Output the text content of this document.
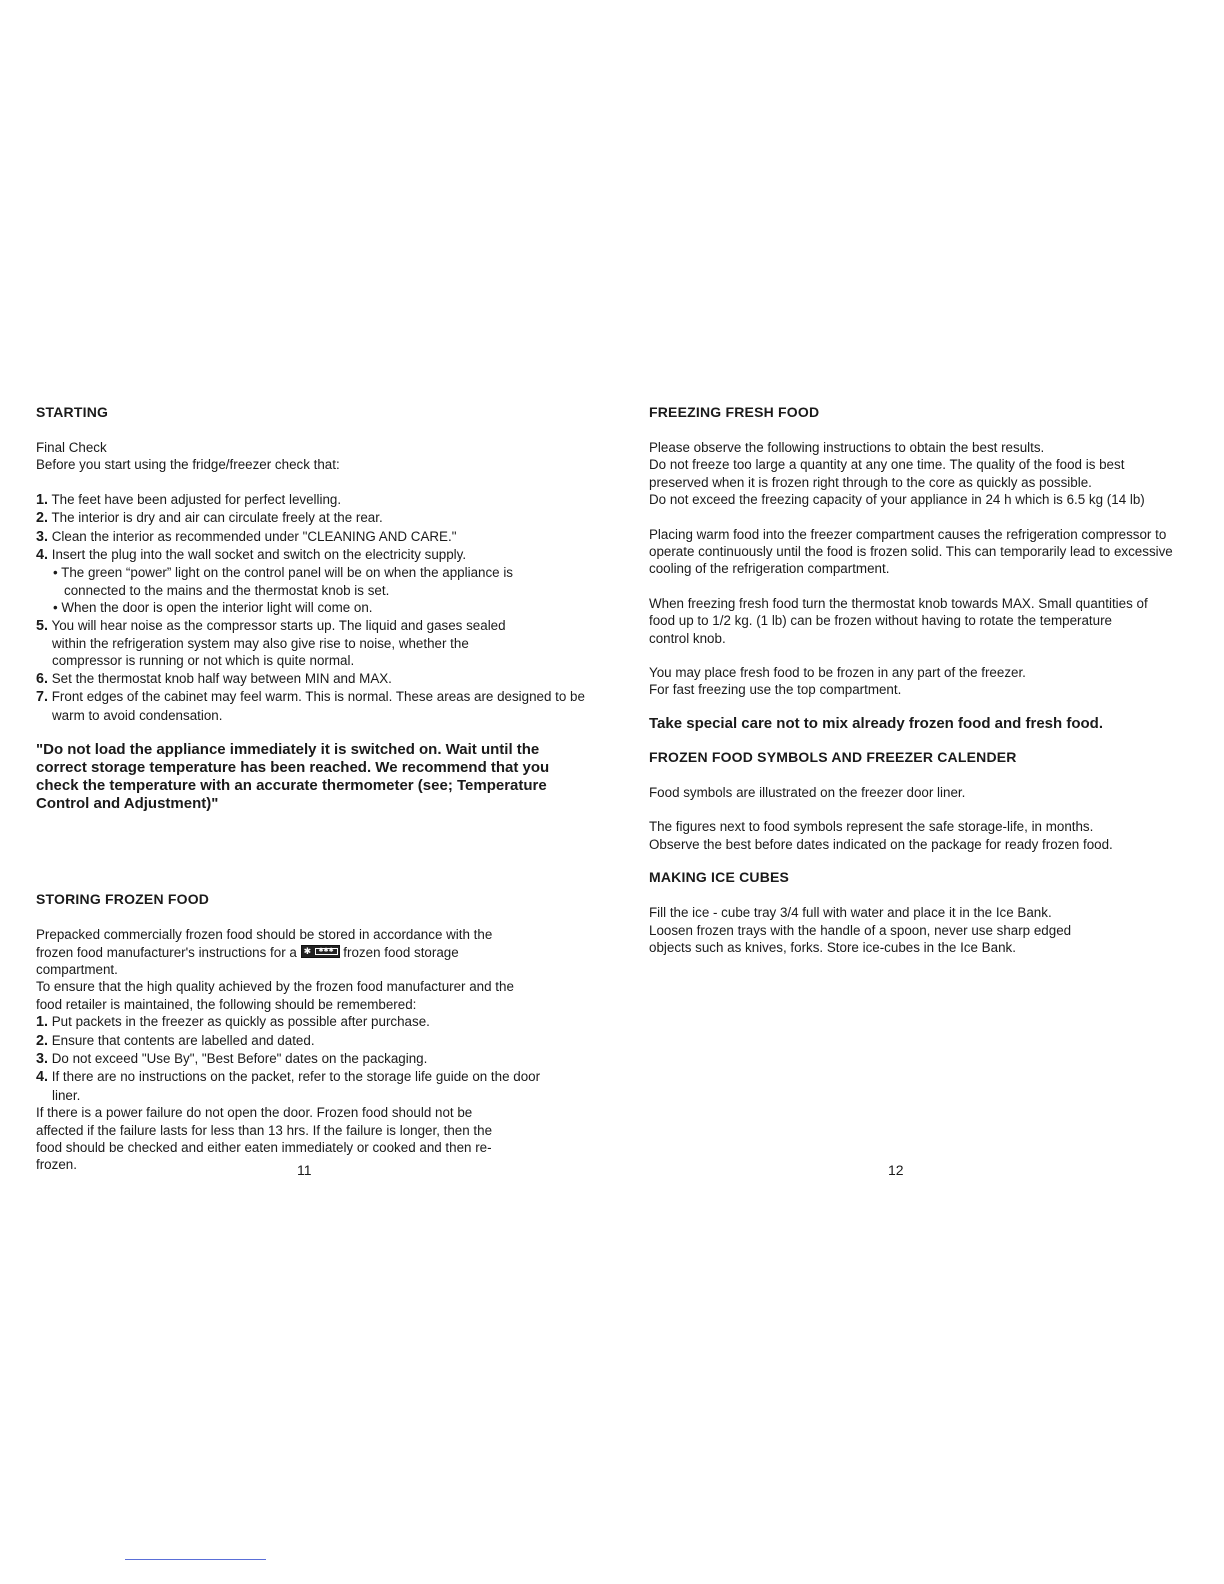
STARTING

Final Check

Before you start using the fridge/freezer check that:

1. The feet have been adjusted for perfect levelling.

2. The interior is dry and air can circulate freely at the rear.

3. Clean the interior as recommended under "CLEANING AND CARE."

4. Insert the plug into the wall socket and switch on the electricity supply.

• The green “power” light on the control panel will be on when the appliance is connected to the mains and the thermostat knob is set.

• When the door is open the interior light will come on.

5. You will hear noise as the compressor starts up. The liquid and gases sealed within the refrigeration system may also give rise to noise, whether the compressor is running or not which is quite normal.

6. Set the thermostat knob half way between MIN and MAX.

7. Front edges of the cabinet may feel warm. This is normal. These areas are designed to be warm to avoid condensation.

"Do not load the appliance immediately it is switched on. Wait until the correct storage temperature has been reached. We recommend that you check the temperature with an accurate thermometer (see; Temperature Control and Adjustment)"

STORING FROZEN FOOD

Prepacked commercially frozen food should be stored in accordance with the frozen food manufacturer's instructions for a ✱	✱✱✱ frozen food storage compartment.

To ensure that the high quality achieved by the frozen food manufacturer and the food retailer is maintained, the following should be remembered:

1. Put packets in the freezer as quickly as possible after purchase.

2. Ensure that contents are labelled and dated.

3. Do not exceed "Use By", "Best Before" dates on the packaging.

4. If there are no instructions on the packet, refer to the storage life guide on the door liner.

If there is a power failure do not open the door. Frozen food should not be affected if the failure lasts for less than 13 hrs. If the failure is longer, then the food should be checked and either eaten immediately or cooked and then re-frozen.	11
FREEZING FRESH FOOD

Please observe the following instructions to obtain the best results.

Do not freeze too large a quantity at any one time. The quality of the food is best preserved when it is frozen right through to the core as quickly as possible.

Do not exceed the freezing capacity of your appliance in 24 h which is 6.5 kg (14 lb)

Placing warm food into the freezer compartment causes the refrigeration compressor to operate continuously until the food is frozen solid. This can temporarily lead to excessive cooling of the refrigeration compartment.

When freezing fresh food turn the thermostat knob towards MAX. Small quantities of food up to 1/2 kg. (1 lb) can be frozen without having to rotate the temperature control knob.

You may place fresh food to be frozen in any part of the freezer.

For fast freezing use the top compartment.

Take special care not to mix already frozen food and fresh food.

FROZEN FOOD SYMBOLS AND FREEZER CALENDER

Food symbols are illustrated on the freezer door liner.

The figures next to food symbols represent the safe storage-life, in months.

Observe the best before dates indicated on the package for ready frozen food.

MAKING ICE CUBES

Fill the ice - cube tray 3/4 full with water and place it in the Ice Bank. Loosen frozen trays with the handle of a spoon, never use sharp edged objects such as knives, forks. Store ice-cubes in the Ice Bank.

12
